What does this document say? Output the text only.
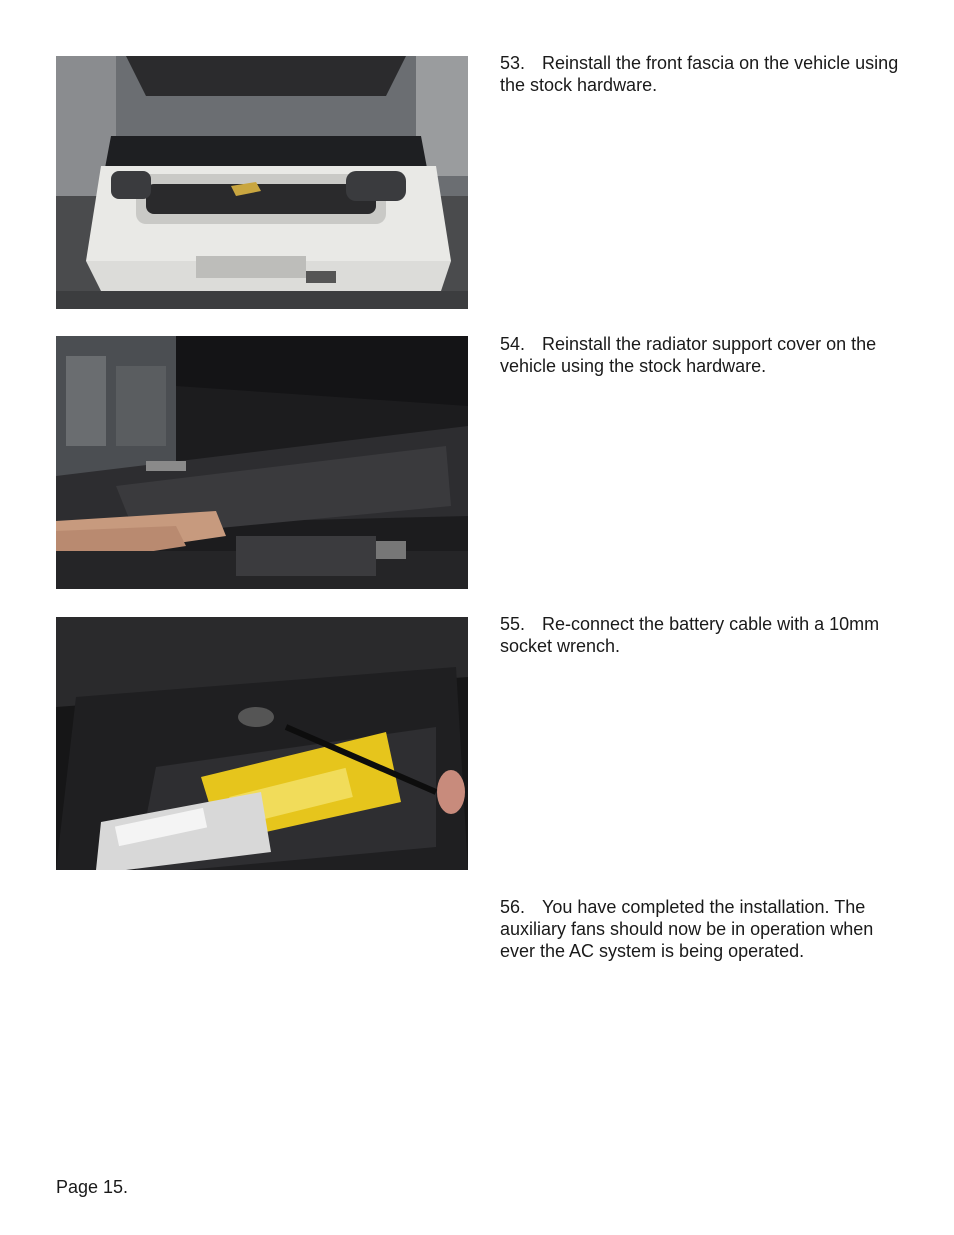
53. Reinstall the front fascia on the vehicle using the stock hardware.

54. Reinstall the radiator support cover on the vehicle using the stock hardware.

55. Re-connect the battery cable with a 10mm socket wrench.

56. You have completed the installation. The auxiliary fans should now be in operation when ever the AC system is being operated.

Page 15.
